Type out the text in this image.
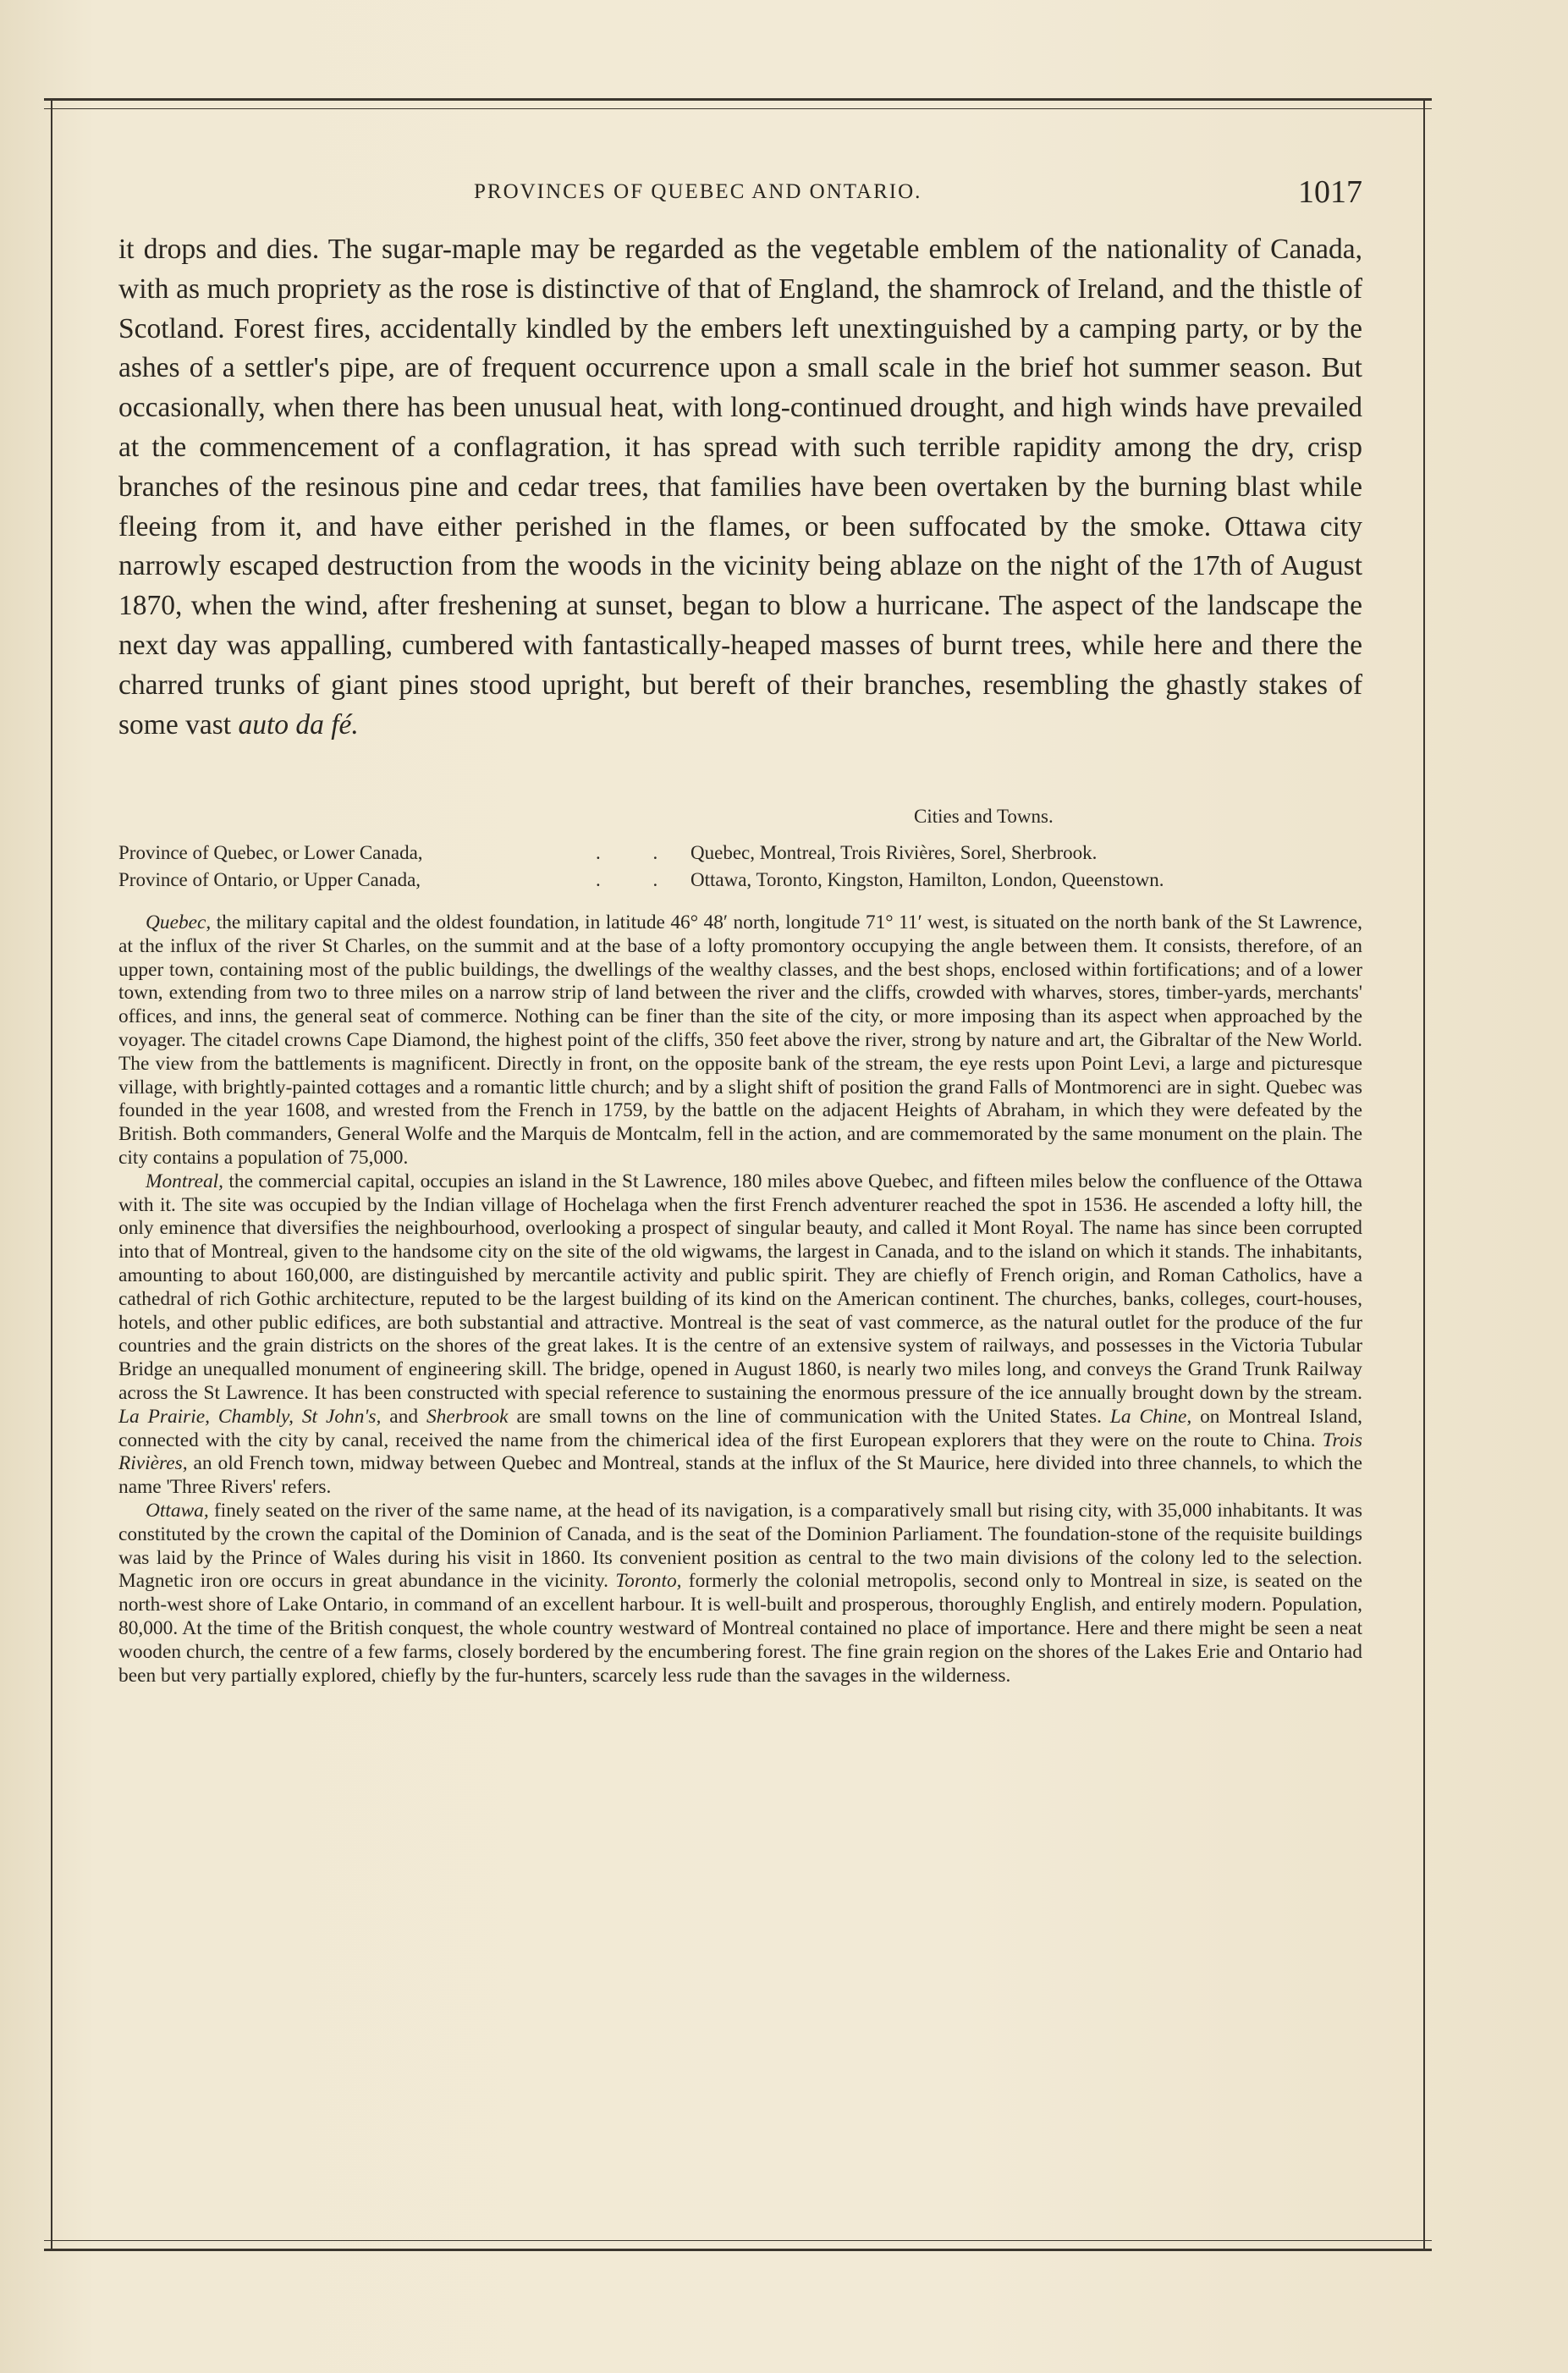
PROVINCES OF QUEBEC AND ONTARIO.	1017

it drops and dies. The sugar-maple may be regarded as the vegetable emblem of the nationality of Canada, with as much propriety as the rose is distinctive of that of England, the shamrock of Ireland, and the thistle of Scotland. Forest fires, accidentally kindled by the embers left unextinguished by a camping party, or by the ashes of a settler's pipe, are of frequent occurrence upon a small scale in the brief hot summer season. But occasionally, when there has been unusual heat, with long-continued drought, and high winds have prevailed at the commencement of a conflagration, it has spread with such terrible rapidity among the dry, crisp branches of the resinous pine and cedar trees, that families have been overtaken by the burning blast while fleeing from it, and have either perished in the flames, or been suffocated by the smoke. Ottawa city narrowly escaped destruction from the woods in the vicinity being ablaze on the night of the 17th of August 1870, when the wind, after freshening at sunset, began to blow a hurricane. The aspect of the landscape the next day was appalling, cumbered with fantastically-heaped masses of burnt trees, while here and there the charred trunks of giant pines stood upright, but bereft of their branches, resembling the ghastly stakes of some vast auto da fé.

Cities and Towns.
Province of Quebec, or Lower Canada,	. . Quebec, Montreal, Trois Rivières, Sorel, Sherbrook.
Province of Ontario, or Upper Canada,	. . Ottawa, Toronto, Kingston, Hamilton, London, Queenstown.

Quebec, the military capital and the oldest foundation, in latitude 46° 48′ north, longitude 71° 11′ west, is situated on the north bank of the St Lawrence, at the influx of the river St Charles, on the summit and at the base of a lofty promontory occupying the angle between them. It consists, therefore, of an upper town, containing most of the public buildings, the dwellings of the wealthy classes, and the best shops, enclosed within fortifications; and of a lower town, extending from two to three miles on a narrow strip of land between the river and the cliffs, crowded with wharves, stores, timber-yards, merchants' offices, and inns, the general seat of commerce. Nothing can be finer than the site of the city, or more imposing than its aspect when approached by the voyager. The citadel crowns Cape Diamond, the highest point of the cliffs, 350 feet above the river, strong by nature and art, the Gibraltar of the New World. The view from the battlements is magnificent. Directly in front, on the opposite bank of the stream, the eye rests upon Point Levi, a large and picturesque village, with brightly-painted cottages and a romantic little church; and by a slight shift of position the grand Falls of Montmorenci are in sight. Quebec was founded in the year 1608, and wrested from the French in 1759, by the battle on the adjacent Heights of Abraham, in which they were defeated by the British. Both commanders, General Wolfe and the Marquis de Montcalm, fell in the action, and are commemorated by the same monument on the plain. The city contains a population of 75,000.

Montreal, the commercial capital, occupies an island in the St Lawrence, 180 miles above Quebec, and fifteen miles below the confluence of the Ottawa with it. The site was occupied by the Indian village of Hochelaga when the first French adventurer reached the spot in 1536. He ascended a lofty hill, the only eminence that diversifies the neighbourhood, overlooking a prospect of singular beauty, and called it Mont Royal. The name has since been corrupted into that of Montreal, given to the handsome city on the site of the old wigwams, the largest in Canada, and to the island on which it stands. The inhabitants, amounting to about 160,000, are distinguished by mercantile activity and public spirit. They are chiefly of French origin, and Roman Catholics, have a cathedral of rich Gothic architecture, reputed to be the largest building of its kind on the American continent. The churches, banks, colleges, court-houses, hotels, and other public edifices, are both substantial and attractive. Montreal is the seat of vast commerce, as the natural outlet for the produce of the fur countries and the grain districts on the shores of the great lakes. It is the centre of an extensive system of railways, and possesses in the Victoria Tubular Bridge an unequalled monument of engineering skill. The bridge, opened in August 1860, is nearly two miles long, and conveys the Grand Trunk Railway across the St Lawrence. It has been constructed with special reference to sustaining the enormous pressure of the ice annually brought down by the stream. La Prairie, Chambly, St John's, and Sherbrook are small towns on the line of communication with the United States. La Chine, on Montreal Island, connected with the city by canal, received the name from the chimerical idea of the first European explorers that they were on the route to China. Trois Rivières, an old French town, midway between Quebec and Montreal, stands at the influx of the St Maurice, here divided into three channels, to which the name 'Three Rivers' refers.

Ottawa, finely seated on the river of the same name, at the head of its navigation, is a comparatively small but rising city, with 35,000 inhabitants. It was constituted by the crown the capital of the Dominion of Canada, and is the seat of the Dominion Parliament. The foundation-stone of the requisite buildings was laid by the Prince of Wales during his visit in 1860. Its convenient position as central to the two main divisions of the colony led to the selection. Magnetic iron ore occurs in great abundance in the vicinity. Toronto, formerly the colonial metropolis, second only to Montreal in size, is seated on the north-west shore of Lake Ontario, in command of an excellent harbour. It is well-built and prosperous, thoroughly English, and entirely modern. Population, 80,000. At the time of the British conquest, the whole country westward of Montreal contained no place of importance. Here and there might be seen a neat wooden church, the centre of a few farms, closely bordered by the encumbering forest. The fine grain region on the shores of the Lakes Erie and Ontario had been but very partially explored, chiefly by the fur-hunters, scarcely less rude than the savages in the wilderness.
